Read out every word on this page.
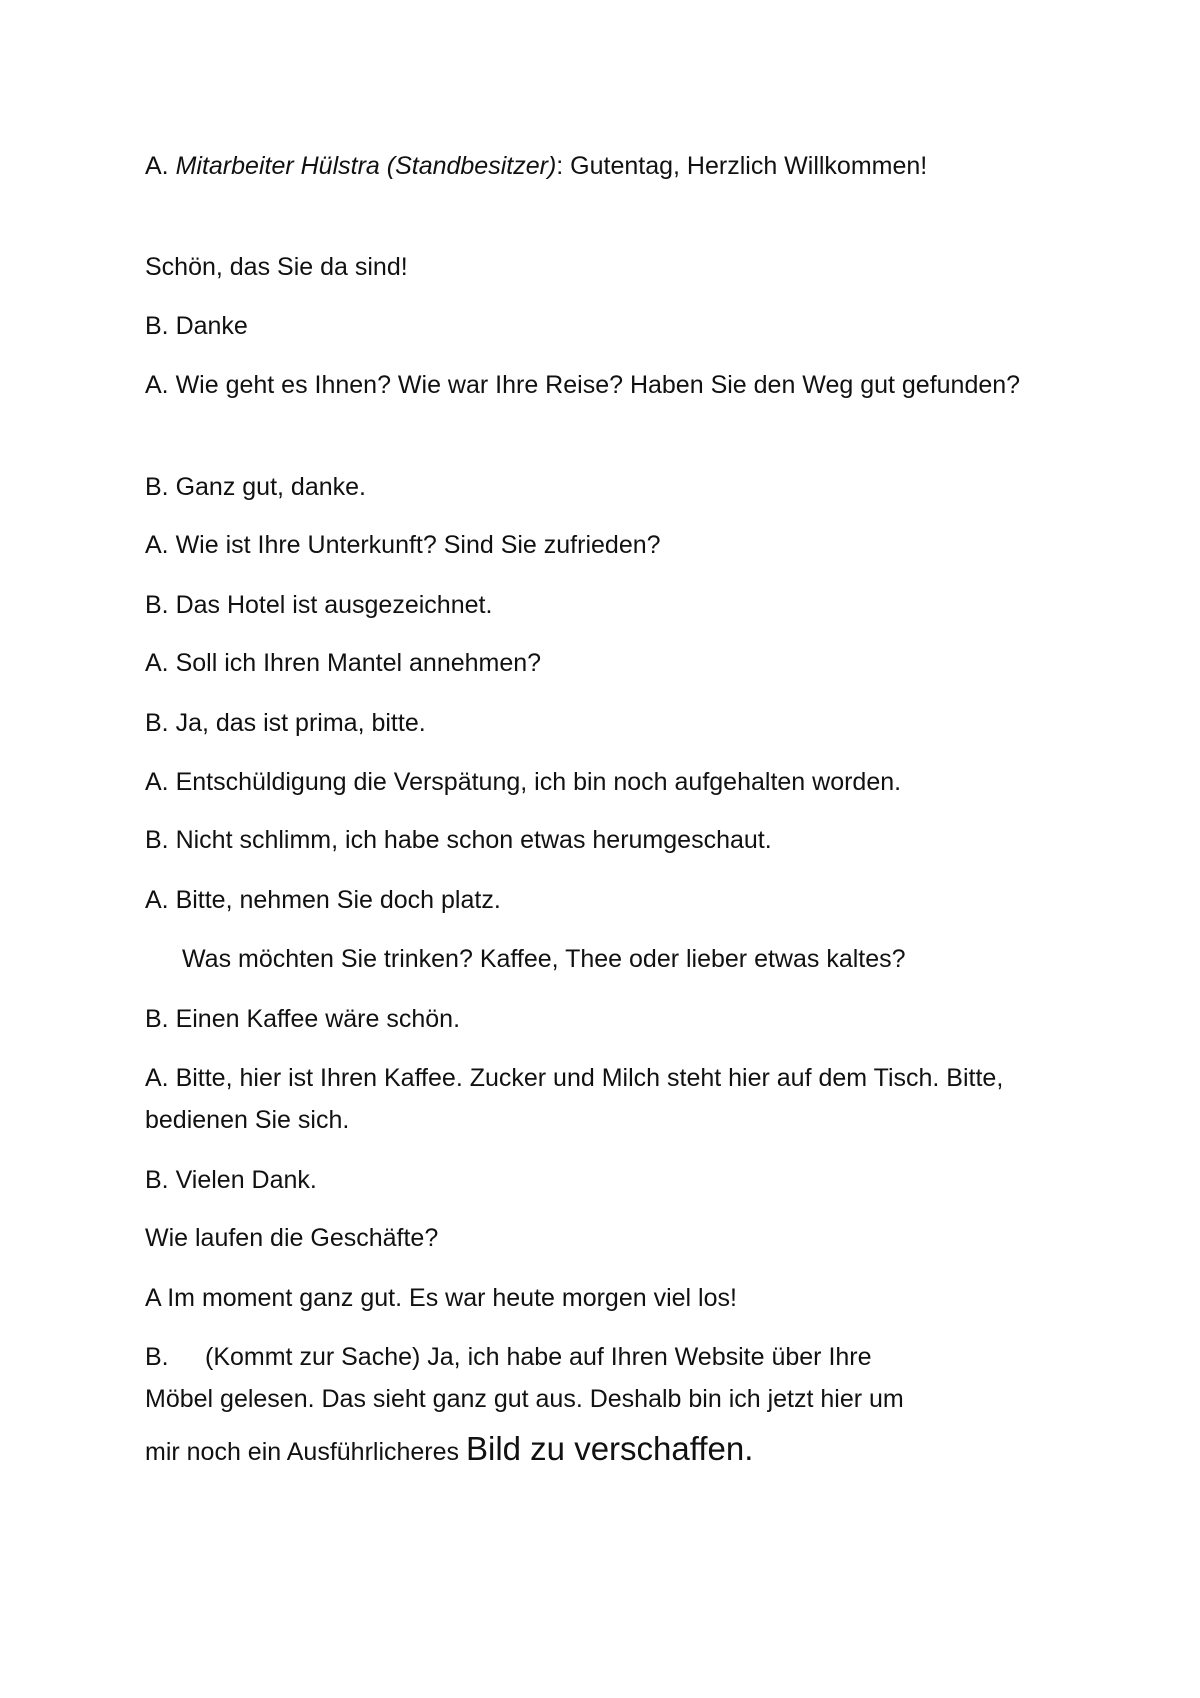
A. Mitarbeiter Hülstra (Standbesitzer): Gutentag, Herzlich Willkommen!

Schön, das Sie da sind!

B. Danke

A. Wie geht es Ihnen? Wie war Ihre Reise? Haben Sie den Weg gut gefunden?

B. Ganz gut, danke.

A. Wie ist Ihre Unterkunft? Sind Sie zufrieden?

B. Das Hotel ist ausgezeichnet.

A. Soll ich Ihren Mantel annehmen?

B. Ja, das ist prima, bitte.

A. Entschüldigung die Verspätung, ich bin noch aufgehalten worden.

B. Nicht schlimm, ich habe schon etwas herumgeschaut.

A. Bitte, nehmen Sie doch platz.

Was möchten Sie trinken? Kaffee, Thee oder lieber etwas kaltes?

B. Einen Kaffee wäre schön.

A. Bitte, hier ist Ihren Kaffee. Zucker und Milch steht hier auf dem Tisch. Bitte, bedienen Sie sich.

B. Vielen Dank.

Wie laufen die Geschäfte?

A Im moment ganz gut. Es war heute morgen viel los!

B. (Kommt zur Sache) Ja, ich habe auf Ihren Website über Ihre
Möbel gelesen. Das sieht ganz gut aus. Deshalb bin ich jetzt hier um
mir noch ein Ausführlicheres Bild zu verschaffen.
